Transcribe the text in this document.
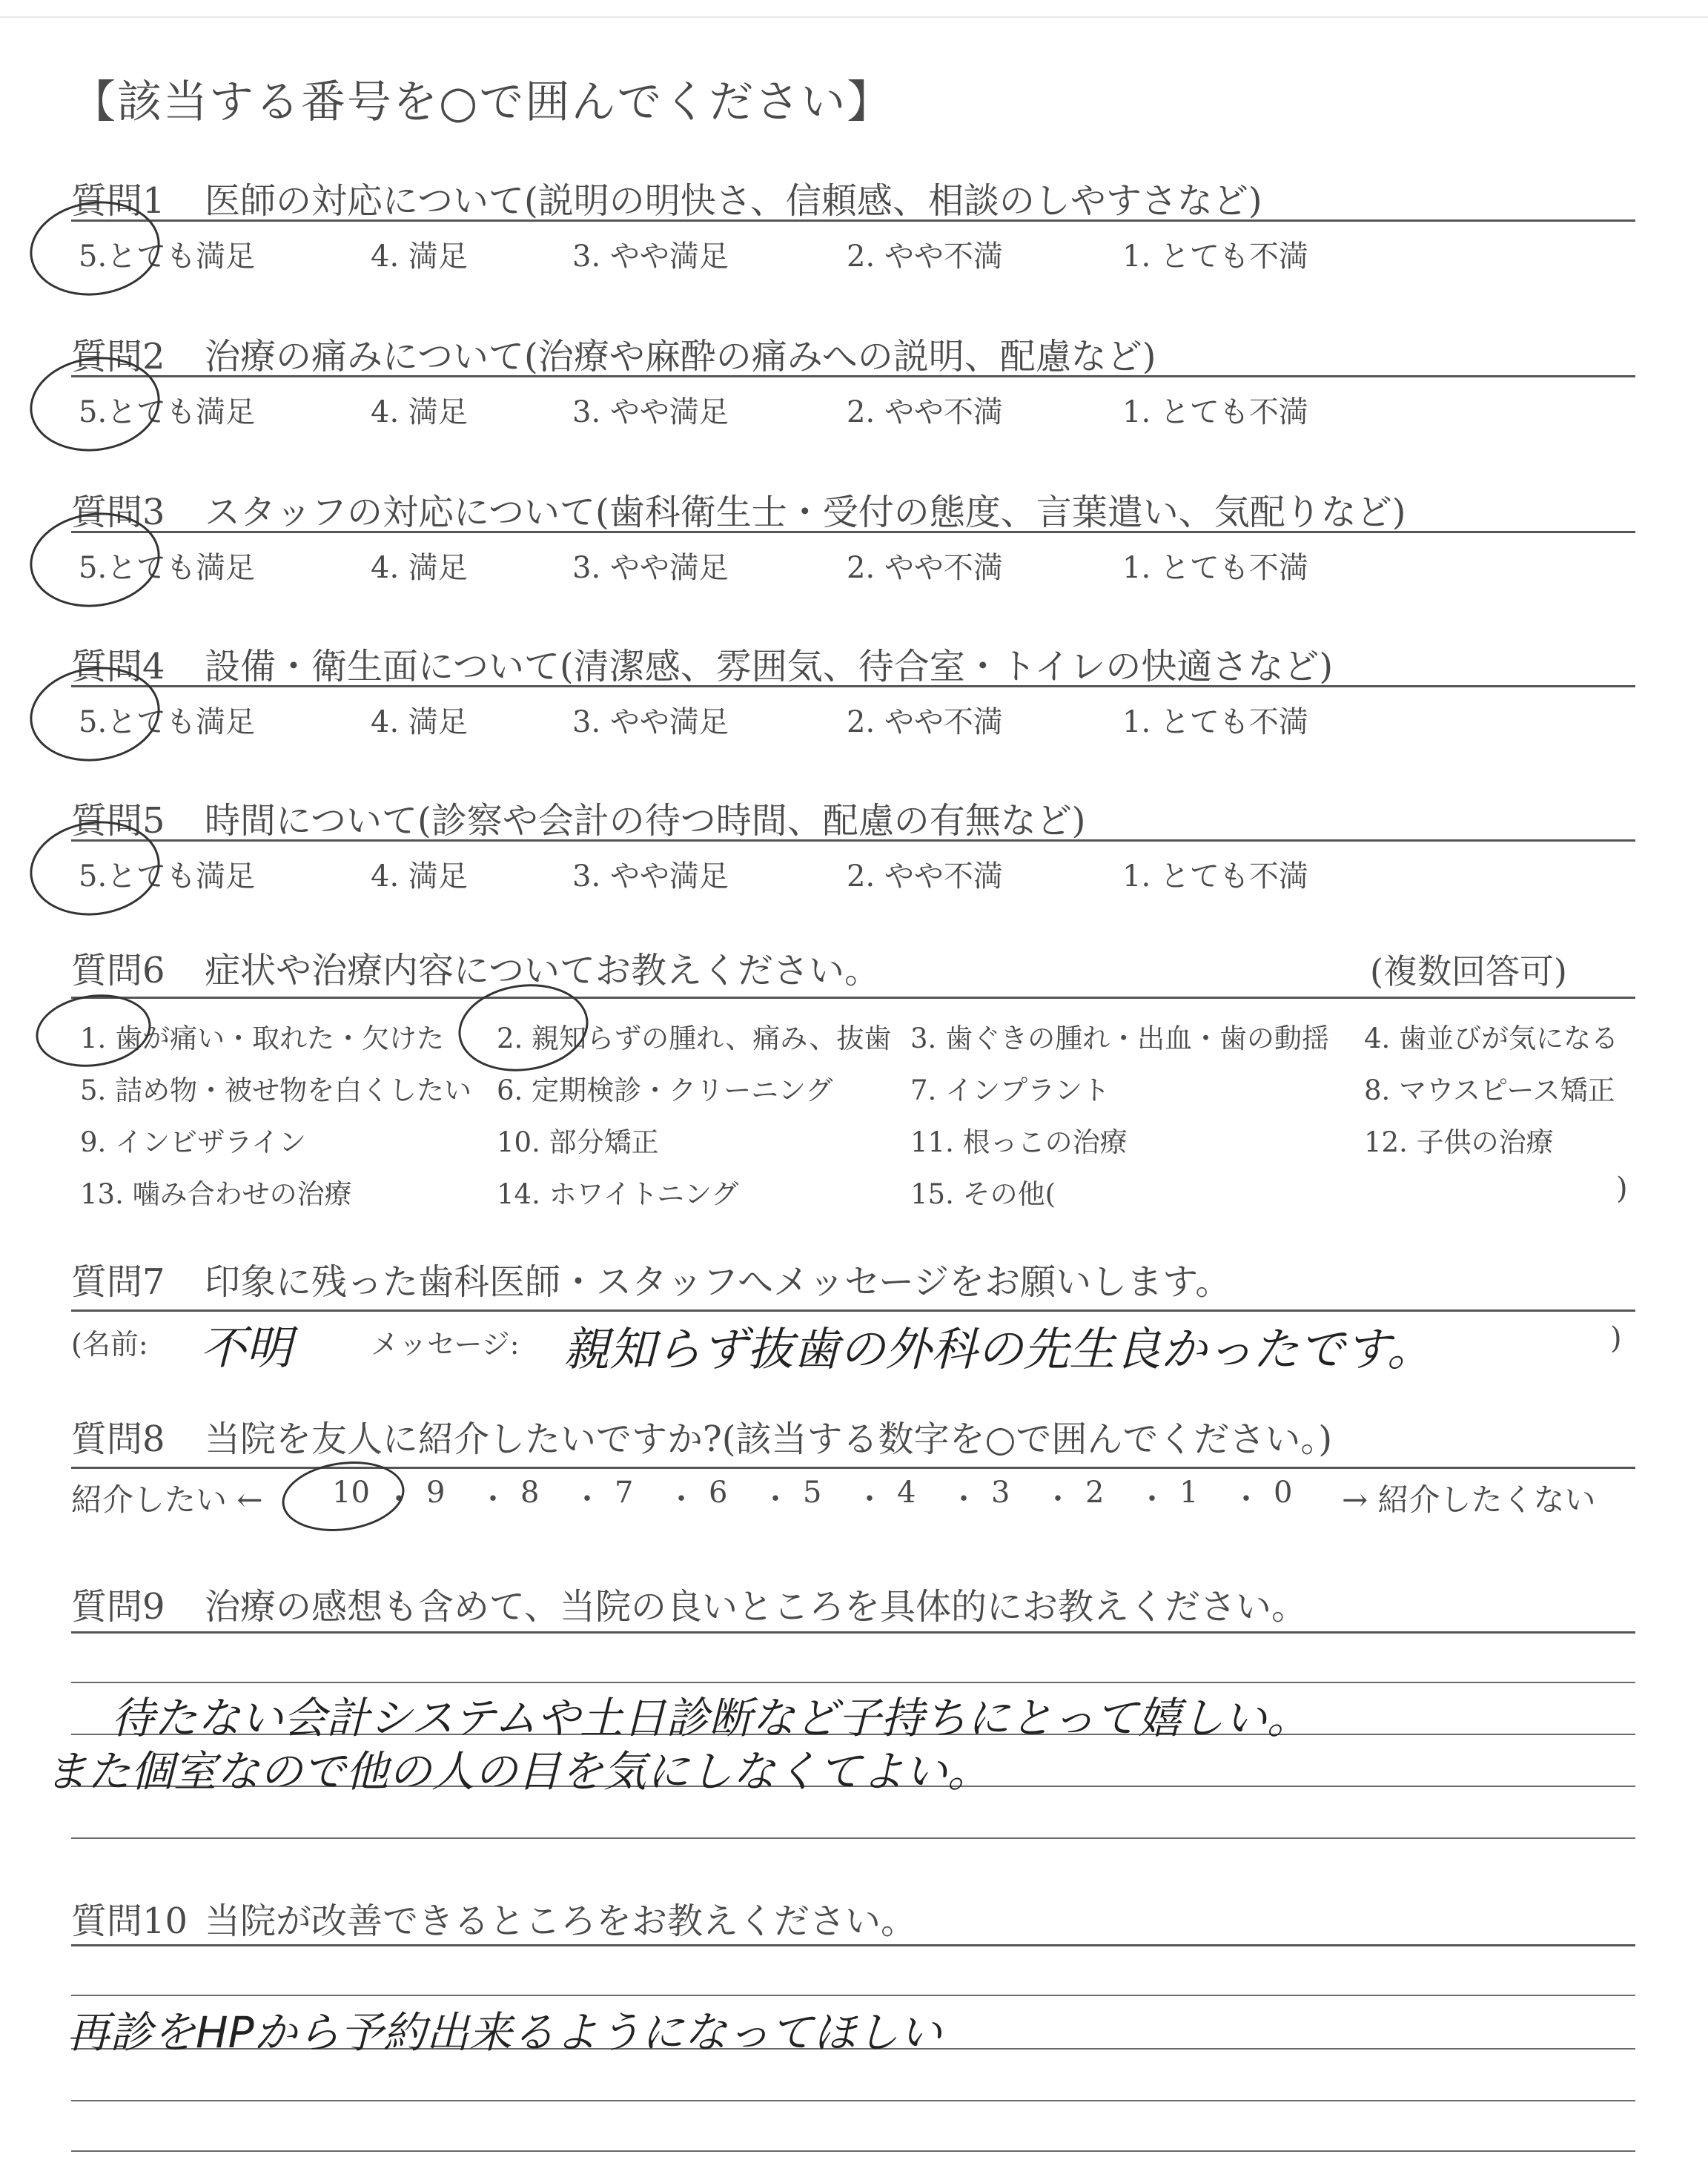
【該当する番号を○で囲んでください】
質問1 医師の対応について(説明の明快さ、信頼感、相談のしやすさなど)
5.とても満足	4. 満足	3. やや満足	2. やや不満	1. とても不満
質問2 治療の痛みについて(治療や麻酔の痛みへの説明、配慮など)
5.とても満足	4. 満足	3. やや満足	2. やや不満	1. とても不満
質問3 スタッフの対応について(歯科衛生士・受付の態度、言葉遣い、気配りなど)
5.とても満足	4. 満足	3. やや満足	2. やや不満	1. とても不満
質問4 設備・衛生面について(清潔感、雰囲気、待合室・トイレの快適さなど)
5.とても満足	4. 満足	3. やや満足	2. やや不満	1. とても不満
質問5 時間について(診察や会計の待つ時間、配慮の有無など)
5.とても満足	4. 満足	3. やや満足	2. やや不満	1. とても不満
質問6 症状や治療内容についてお教えください。	(複数回答可)
1. 歯が痛い・取れた・欠けた 2. 親知らずの腫れ、痛み、抜歯 3. 歯ぐきの腫れ・出血・歯の動揺 4. 歯並びが気になる
5. 詰め物・被せ物を白くしたい 6. 定期検診・クリーニング	7. インプラント	8. マウスピース矯正
9. インビザライン	10. 部分矯正	11. 根っこの治療	12. 子供の治療
13. 噛み合わせの治療	14. ホワイトニング	15. その他(	)
質問7 印象に残った歯科医師・スタッフへメッセージをお願いします。
(名前: 不明	メッセージ: 親知らず抜歯の外科の先生良かったです。	)
質問8 当院を友人に紹介したいですか?(該当する数字を○で囲んでください。)
紹介したい ←	→ 紹介したくない
10 ・ 9 ・ 8 ・ 7 ・ 6 ・ 5 ・ 4 ・ 3 ・ 2 ・ 1 ・ 0
質問9 治療の感想も含めて、当院の良いところを具体的にお教えください。
待たない会計システムや土日診断など子持ちにとって嬉しい。
また個室なので他の人の目を気にしなくてよい。
質問10 当院が改善できるところをお教えください。
再診をHPから予約出来るようになってほしい
